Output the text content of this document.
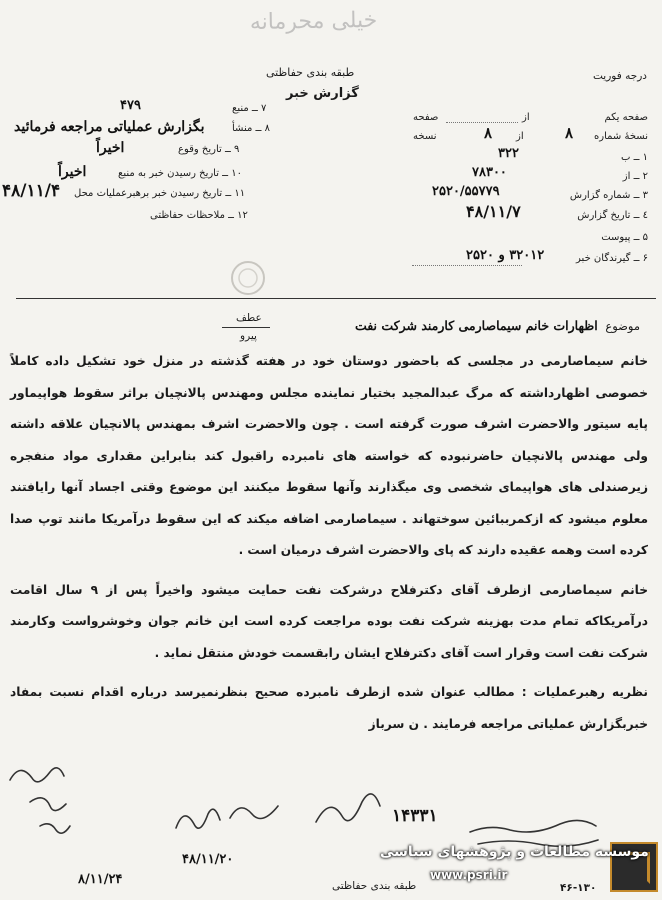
خیلی محرمانه
طبقه بندی حفاظتی
گزارش خبر
درجه فوریت
صفحه یکم
از
صفحه
نسخهٔ شماره
۸
از
۸
نسخه
۱ ــ ب
۳۲۲
۲ ــ از
۷۸۳۰۰
۳ ــ شماره گزارش
۲۵۲۰/۵۵۷۷۹
٤ ــ تاریخ گزارش
۴۸/۱۱/۷
۵ ــ پیوست
۶ ــ گیرندگان خبر
۳۲۰۱۲ و ۲۵۲۰
۷ ــ منبع
۴۷۹
۸ ــ منشأ
بگزارش عملیاتی مراجعه فرمائید
۹ ــ تاریخ وقوع
اخیراً
۱۰ ــ تاریخ رسیدن خبر به منبع
اخیراً
۱۱ ــ تاریخ رسیدن خبر برهبرعملیات محل
۴۸/۱۱/۴
۱۲ ــ ملاحظات حفاظتی
عطف
پیرو
موضوع اظهارات خانم سیماصارمی کارمند شرکت نفت

خانم سیماصارمی در مجلسی که باحضور دوستان خود در هفته گذشته در منزل خود تشکیل داده کاملاً خصوصی اظهارداشته که مرگ عبدالمجید بختیار نماینده مجلس ومهندس پالانچیان براثر سقوط هواپیماور پایه سیتور والاحضرت اشرف صورت گرفته است . چون والاحضرت اشرف بمهندس پالانچیان علاقه داشته ولی مهندس پالانچیان حاضرنبوده که خواسته های نامبرده راقبول کند بنابراین مقداری مواد منفجره زیرصندلی های هواپیمای شخصی وی میگذارند وآنها سقوط میکنند این موضوع وقتی اجساد آنها رایافتند معلوم میشود که ازکمرببائین سوختهاند . سیماصارمی اضافه میکند که این سقوط درآمریکا مانند توپ صدا کرده است وهمه عقیده دارند که پای والاحضرت اشرف درمیان است .

خانم سیماصارمی ازطرف آقای دکترفلاح درشرکت نفت حمایت میشود واخیراً پس از ۹ سال اقامت درآمریکاکه تمام مدت بهزینه شرکت نفت بوده مراجعت کرده است این خانم جوان وخوشرواست وکارمند شرکت نفت است وقرار است آقای دکترفلاح ایشان رابقسمت خودش منتقل نماید .

نظریه رهبرعملیات : مطالب عنوان شده ازطرف نامبرده صحیح بنظرنمیرسد درباره اقدام نسبت بمفاد خبربگزارش عملیاتی مراجعه فرمایند . ن سرباز

۱۴۳۳۱
۸/۱۱/۲۴
۴۸/۱۱/۲۰
طبقه بندی حفاظتی	۴۶-۱۳۰
موسسه مطالعات و پژوهشهای سیاسی
www.psri.ir
